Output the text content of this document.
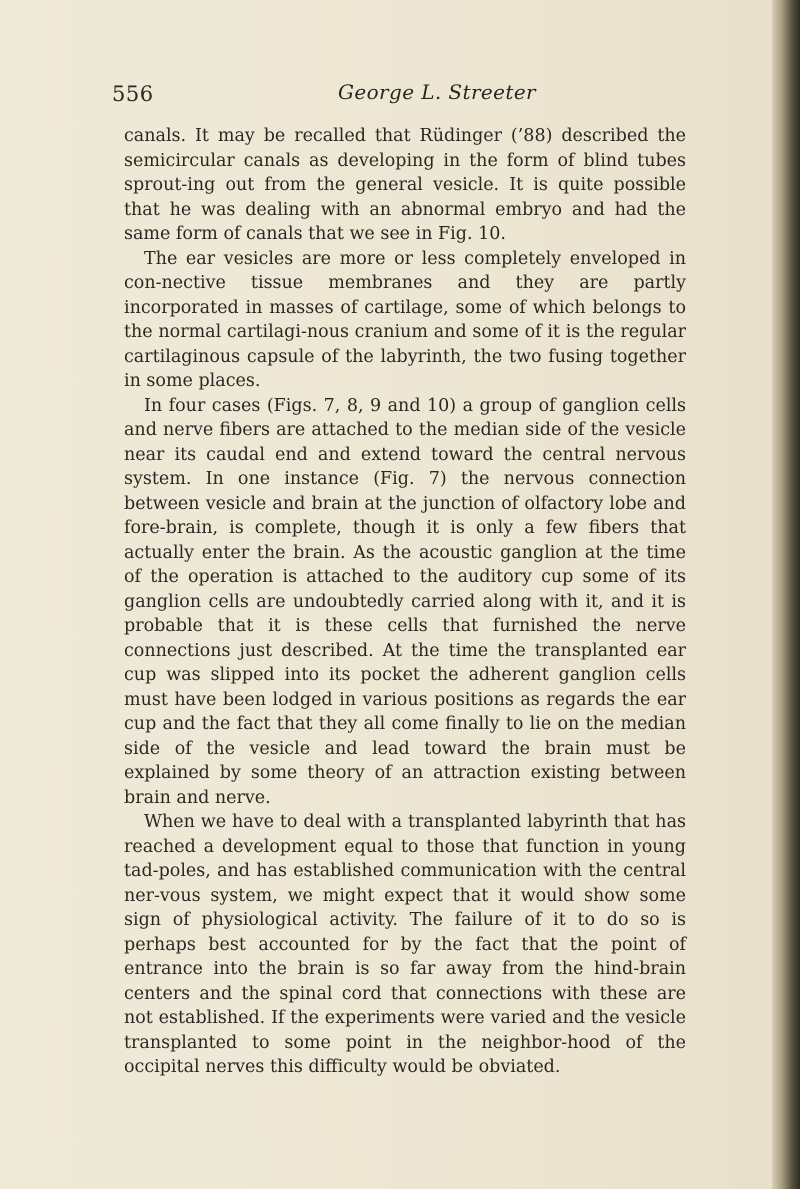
556	George L. Streeter

canals. It may be recalled that Rüdinger (’88) described the semicircular canals as developing in the form of blind tubes sprout-ing out from the general vesicle. It is quite possible that he was dealing with an abnormal embryo and had the same form of canals that we see in Fig. 10.

The ear vesicles are more or less completely enveloped in con-nective tissue membranes and they are partly incorporated in masses of cartilage, some of which belongs to the normal cartilagi-nous cranium and some of it is the regular cartilaginous capsule of the labyrinth, the two fusing together in some places.

In four cases (Figs. 7, 8, 9 and 10) a group of ganglion cells and nerve fibers are attached to the median side of the vesicle near its caudal end and extend toward the central nervous system. In one instance (Fig. 7) the nervous connection between vesicle and brain at the junction of olfactory lobe and fore-brain, is complete, though it is only a few fibers that actually enter the brain. As the acoustic ganglion at the time of the operation is attached to the auditory cup some of its ganglion cells are undoubtedly carried along with it, and it is probable that it is these cells that furnished the nerve connections just described. At the time the transplanted ear cup was slipped into its pocket the adherent ganglion cells must have been lodged in various positions as regards the ear cup and the fact that they all come finally to lie on the median side of the vesicle and lead toward the brain must be explained by some theory of an attraction existing between brain and nerve.

When we have to deal with a transplanted labyrinth that has reached a development equal to those that function in young tad-poles, and has established communication with the central ner-vous system, we might expect that it would show some sign of physiological activity. The failure of it to do so is perhaps best accounted for by the fact that the point of entrance into the brain is so far away from the hind-brain centers and the spinal cord that connections with these are not established. If the experiments were varied and the vesicle transplanted to some point in the neighbor-hood of the occipital nerves this difficulty would be obviated.
